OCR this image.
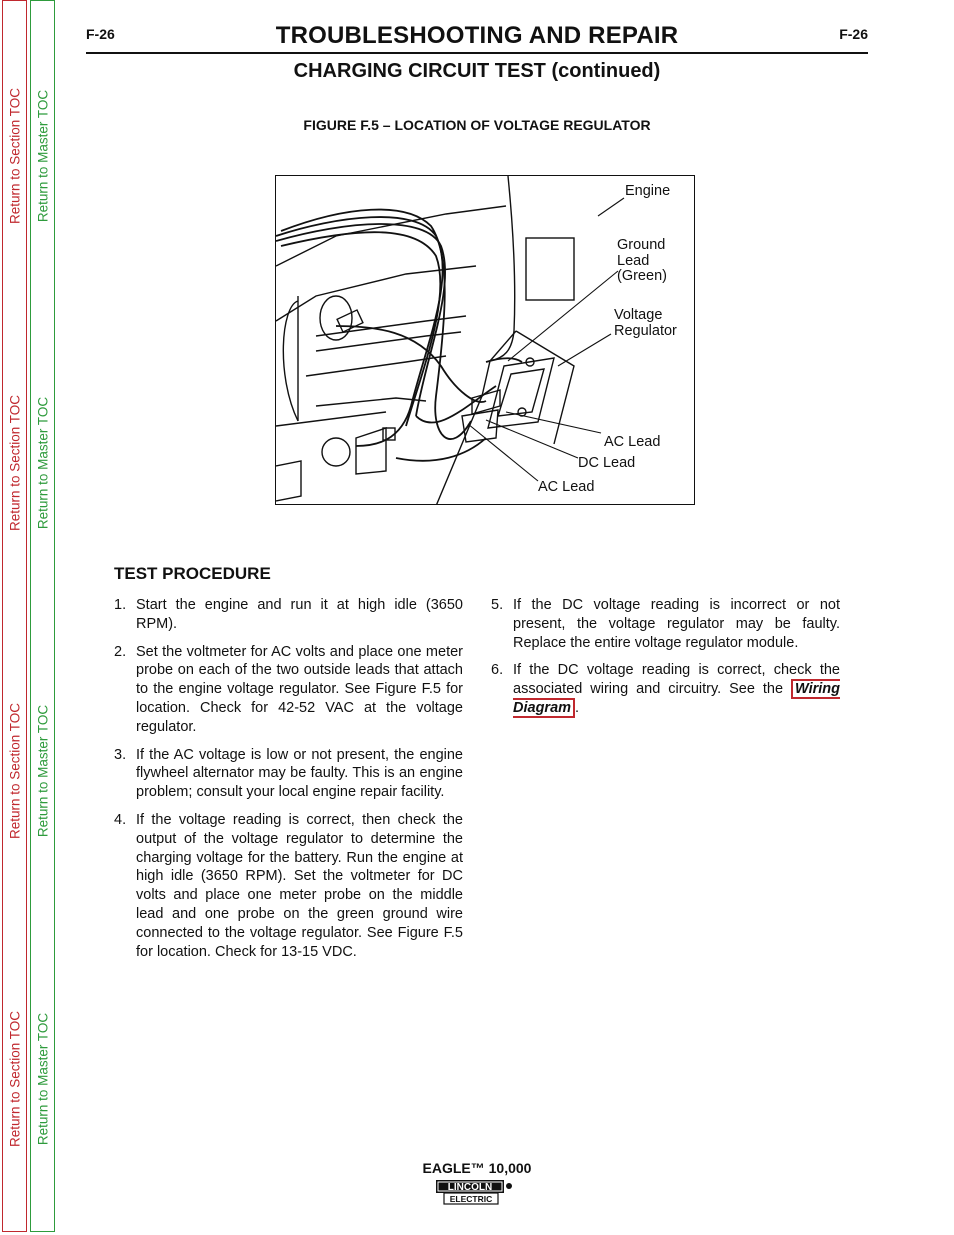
Return to Section TOC
Return to Section TOC
Return to Section TOC
Return to Section TOC
Return to Master TOC
Return to Master TOC
Return to Master TOC
Return to Master TOC
F-26	F-26
TROUBLESHOOTING AND REPAIR
CHARGING CIRCUIT TEST (continued)
FIGURE F.5 – LOCATION OF VOLTAGE REGULATOR
Engine
Ground
Lead
(Green)
Voltage
Regulator
AC Lead
DC Lead
AC Lead
TEST PROCEDURE
1. Start the engine and run it at high idle (3650 RPM).
2. Set the voltmeter for AC volts and place one meter probe on each of the two outside leads that attach to the engine voltage regulator. See Figure F.5 for location. Check for 42-52 VAC at the voltage regulator.
3. If the AC voltage is low or not present, the engine flywheel alternator may be faulty. This is an engine problem; consult your local engine repair facility.
4. If the voltage reading is correct, then check the output of the voltage regulator to determine the charging voltage for the battery. Run the engine at high idle (3650 RPM). Set the voltmeter for DC volts and place one meter probe on the middle lead and one probe on the green ground wire connected to the voltage regulator. See Figure F.5 for location. Check for 13-15 VDC.
5. If the DC voltage reading is incorrect or not present, the voltage regulator may be faulty. Replace the entire voltage regulator module.
6. If the DC voltage reading is correct, check the associated wiring and circuitry. See the Wiring Diagram .
EAGLE™ 10,000
LINCOLN
ELECTRIC
